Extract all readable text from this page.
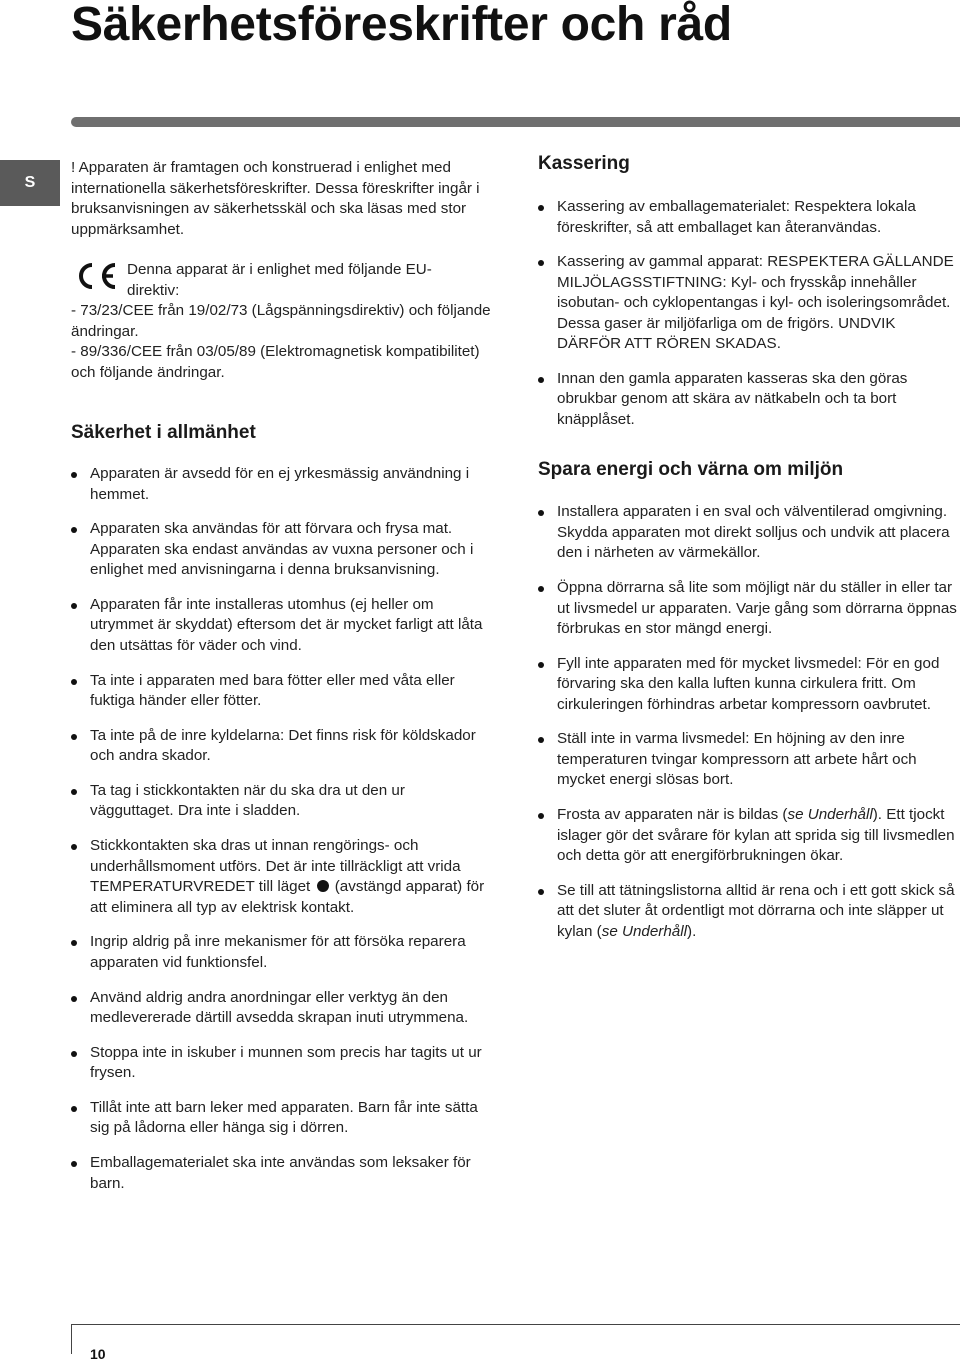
Säkerhetsföreskrifter och råd
S

! Apparaten är framtagen och konstruerad i enlighet med internationella säkerhetsföreskrifter. Dessa föreskrifter ingår i bruksanvisningen av säkerhetsskäl och ska läsas med stor uppmärksamhet.

Denna apparat är i enlighet med följande EU-

direktiv:

- 73/23/CEE från 19/02/73 (Lågspänningsdirektiv) och följande ändringar.

- 89/336/CEE från 03/05/89 (Elektromagnetisk kompatibilitet) och följande ändringar.

Säkerhet i allmänhet
Apparaten är avsedd för en ej yrkesmässig användning i hemmet.
Apparaten ska användas för att förvara och frysa mat. Apparaten ska endast användas av vuxna personer och i enlighet med anvisningarna i denna bruksanvisning.
Apparaten får inte installeras utomhus (ej heller om utrymmet är skyddat) eftersom det är mycket farligt att låta den utsättas för väder och vind.
Ta inte i apparaten med bara fötter eller med våta eller fuktiga händer eller fötter.
Ta inte på de inre kyldelarna: Det finns risk för köldskador och andra skador.
Ta tag i stickkontakten när du ska dra ut den ur vägguttaget. Dra inte i sladden.
Stickkontakten ska dras ut innan rengörings- och underhållsmoment utförs. Det är inte tillräckligt att vrida TEMPERATURVREDET till läget (avstängd apparat) för att eliminera all typ av elektrisk kontakt.
Ingrip aldrig på inre mekanismer för att försöka reparera apparaten vid funktionsfel.
Använd aldrig andra anordningar eller verktyg än den medlevererade därtill avsedda skrapan inuti utrymmena.
Stoppa inte in iskuber i munnen som precis har tagits ut ur frysen.
Tillåt inte att barn leker med apparaten. Barn får inte sätta sig på lådorna eller hänga sig i dörren.
Emballagematerialet ska inte användas som leksaker för barn.
Kassering
Kassering av emballagematerialet: Respektera lokala föreskrifter, så att emballaget kan återanvändas.
Kassering av gammal apparat: RESPEKTERA GÄLLANDE MILJÖLAGSSTIFTNING: Kyl- och frysskåp innehåller isobutan- och cyklopentangas i kyl- och isoleringsområdet. Dessa gaser är miljöfarliga om de frigörs. UNDVIK DÄRFÖR ATT RÖREN SKADAS.
Innan den gamla apparaten kasseras ska den göras obrukbar genom att skära av nätkabeln och ta bort knäpplåset.
Spara energi och värna om miljön
Installera apparaten i en sval och välventilerad omgivning. Skydda apparaten mot direkt solljus och undvik att placera den i närheten av värmekällor.
Öppna dörrarna så lite som möjligt när du ställer in eller tar ut livsmedel ur apparaten. Varje gång som dörrarna öppnas förbrukas en stor mängd energi.
Fyll inte apparaten med för mycket livsmedel: För en god förvaring ska den kalla luften kunna cirkulera fritt. Om cirkuleringen förhindras arbetar kompressorn oavbrutet.
Ställ inte in varma livsmedel: En höjning av den inre temperaturen tvingar kompressorn att arbete hårt och mycket energi slösas bort.
Frosta av apparaten när is bildas (se Underhåll). Ett tjockt islager gör det svårare för kylan att sprida sig till livsmedlen och detta gör att energiförbrukningen ökar.
Se till att tätningslistorna alltid är rena och i ett gott skick så att det sluter åt ordentligt mot dörrarna och inte släpper ut kylan (se Underhåll).
10
